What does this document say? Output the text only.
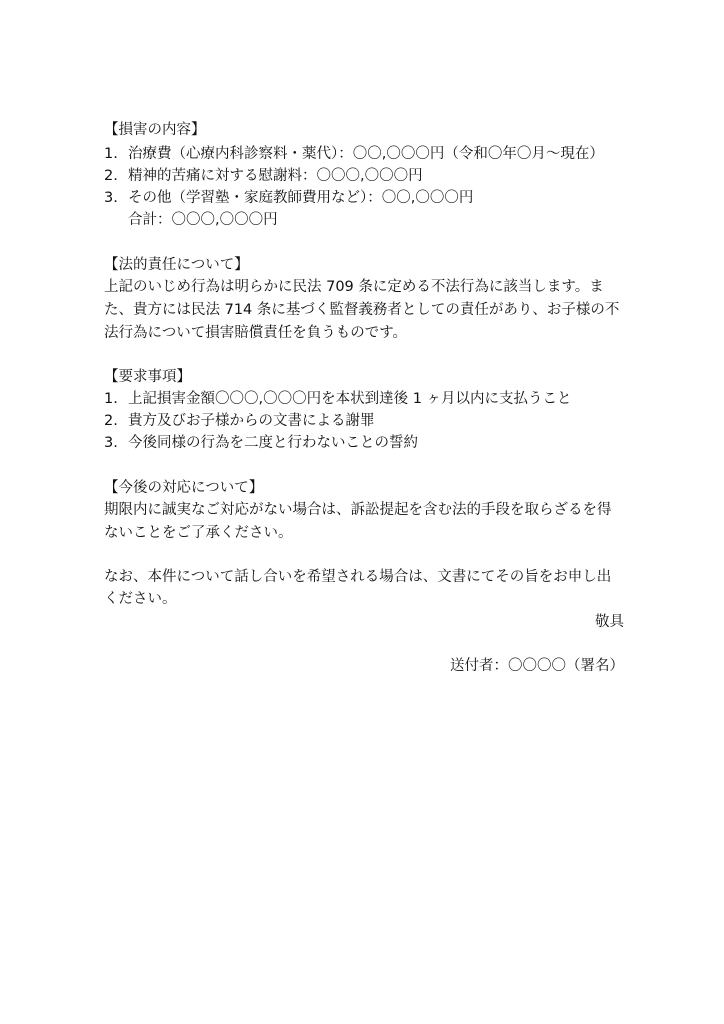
【損害の内容】
1. 治療費（心療内科診察料・薬代）：〇〇,〇〇〇円（令和〇年〇月～現在）
2. 精神的苦痛に対する慰謝料：〇〇〇,〇〇〇円
3. その他（学習塾・家庭教師費用など）：〇〇,〇〇〇円
合計：〇〇〇,〇〇〇円
【法的責任について】
上記のいじめ行為は明らかに民法 709 条に定める不法行為に該当します。ま
た、貴方には民法 714 条に基づく監督義務者としての責任があり、お子様の不
法行為について損害賠償責任を負うものです。
【要求事項】
1. 上記損害金額〇〇〇,〇〇〇円を本状到達後 1 ヶ月以内に支払うこと
2. 貴方及びお子様からの文書による謝罪
3. 今後同様の行為を二度と行わないことの誓約
【今後の対応について】
期限内に誠実なご対応がない場合は、訴訟提起を含む法的手段を取らざるを得
ないことをご了承ください。
なお、本件について話し合いを希望される場合は、文書にてその旨をお申し出
ください。
敬具
送付者：〇〇〇〇（署名）
